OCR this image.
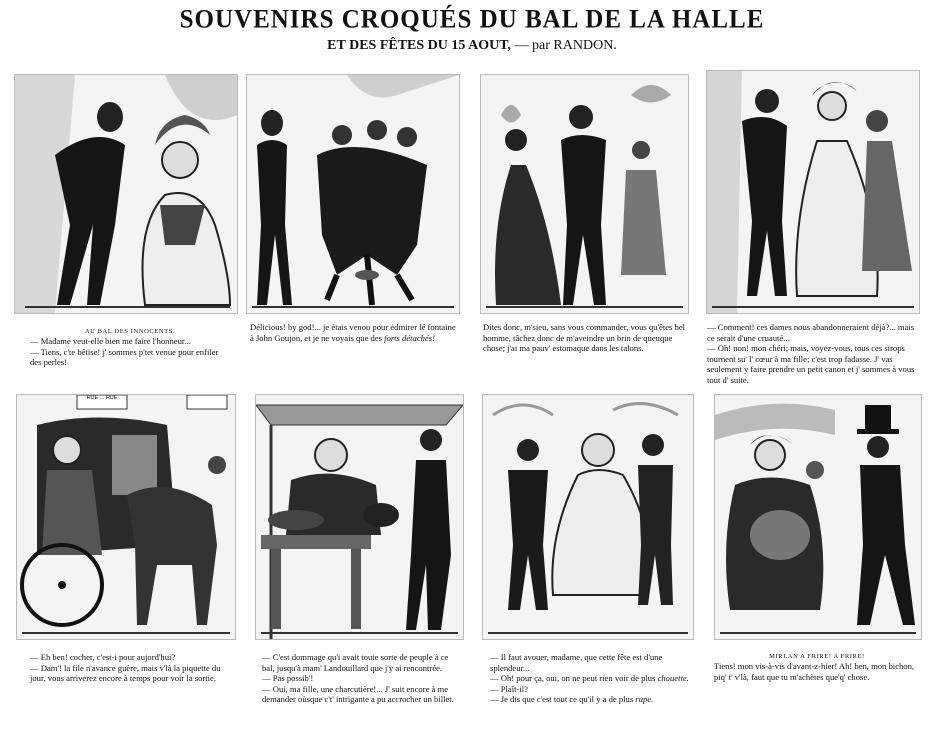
SOUVENIRS CROQUÉS DU BAL DE LA HALLE
ET DES FÊTES DU 15 AOUT, — par RANDON.
AU BAL DES INNOCENTS.
— Madame veut-elle bien me faire l'honneur...
— Tiens, c'te bêtise! j' sommes p'tet venue pour enfiler des perles!
Délicious! by god!... je étais venou pour édmirer lé fontaine à John Goujon, et je ne voyais que des forts détachés!
Dites donc, m'sieu, sans vous commander, vous qu'êtes bel homme, tâchez donc de m'aveindre un brin de queuque chose; j'ai ma pauv' estomaque dans les talons.
— Comment! ces dames nous abandonneraient déjà?... mais ce serait d'une cruauté...
— Oh! non! mon chéri; mais, voyez-vous, tous ces sirops tournent su' l' cœur à ma fille; c'est trop fadasse. J' vas seulement y faire prendre un petit canon et j' sommes à vous tout d' suite.
— Eh ben! cocher, c'est-i pour aujord'hui?
— Dam'! la file n'avance guère, mais v'là la piquette du jour, vous arriverez encore à temps pour voir la sortie.
— C'est dommage qu'i avait toute sorte de peuple à ce bal, jusqu'à mam' Landouillard que j'y ai rencontrée.
— Pas possib'!
— Oui, ma fille, une charcutière!... J' suit encore à me demander oùsque c't' intrigante a pu accrocher un billet.
— Il faut avouer, madame, que cette fête est d'une splendeur...
— Oh! pour ça, oui, on ne peut rien voir de plus chouette.
— Plaît-il?
— Je dis que c'est tout ce qu'il y a de plus rupe.
MIRLAN A FRIRE! A FRIRE!
Tiens! mon vis-à-vis d'avant-z-hier! Ah! ben, mon bichon, piq' t' v'là, faut que tu m'achètes que'q' chose.
RUE ... RUE
